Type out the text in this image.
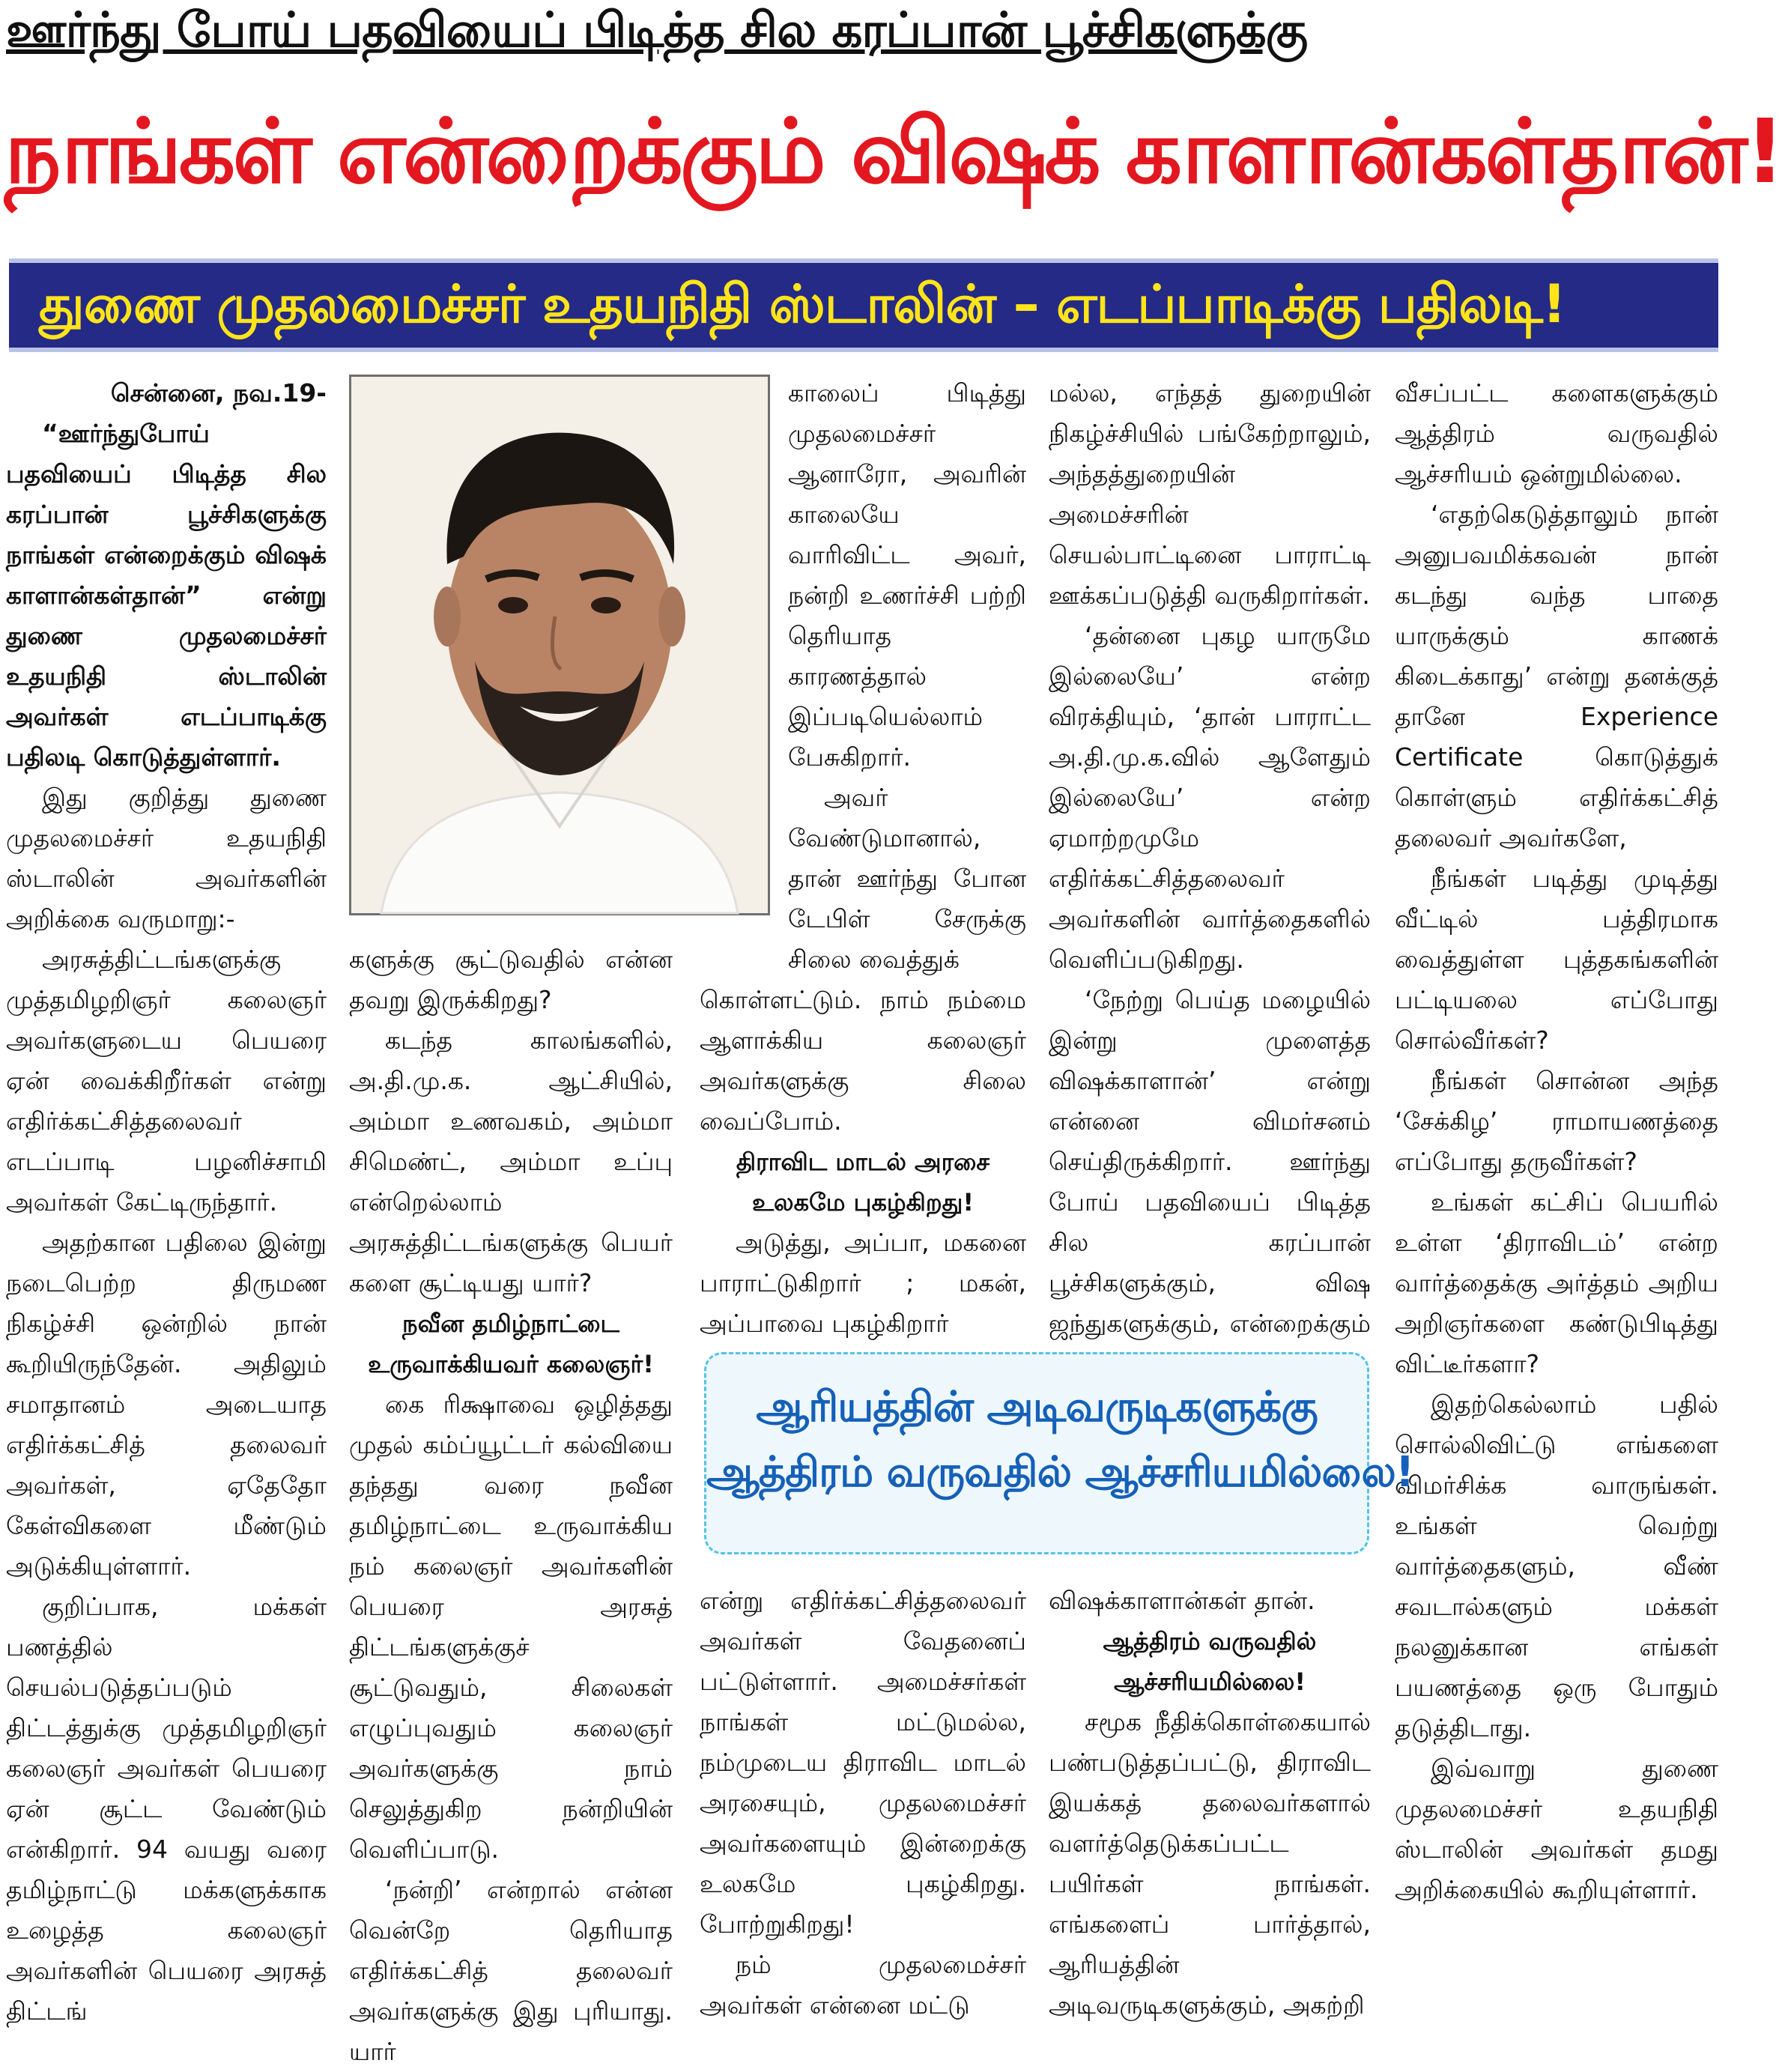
ஊர்ந்து போய் பதவியைப் பிடித்த சில கரப்பான் பூச்சிகளுக்கு
நாங்கள் என்றைக்கும் விஷக் காளான்கள்தான்!
துணை முதலமைச்சர் உதயநிதி ஸ்டாலின் – எடப்பாடிக்கு பதிலடி!

சென்னை, நவ.19-

“ஊர்ந்துபோய் பதவியைப் பிடித்த சில கரப்பான் பூச்சிகளுக்கு நாங்கள் என்றைக்கும் விஷக் காளான்கள்தான்” என்று துணை முதலமைச்சர் உதயநிதி ஸ்டாலின் அவர்கள் எடப்பாடிக்கு பதிலடி கொடுத்துள்ளார்.

இது குறித்து துணை முதலமைச்சர் உதயநிதி ஸ்டாலின் அவர்களின் அறிக்கை வருமாறு:-

அரசுத்திட்டங்களுக்கு முத்தமிழறிஞர் கலைஞர் அவர்களுடைய பெயரை ஏன் வைக்கிறீர்கள் என்று எதிர்க்கட்சித்தலைவர் எடப்பாடி பழனிச்சாமி அவர்கள் கேட்டிருந்தார்.

அதற்கான பதிலை இன்று நடைபெற்ற திருமண நிகழ்ச்சி ஒன்றில் நான் கூறியிருந்தேன். அதிலும் சமாதானம் அடையாத எதிர்க்கட்சித் தலைவர் அவர்கள், ஏதேதோ கேள்விகளை மீண்டும் அடுக்கியுள்ளார்.

குறிப்பாக, மக்கள் பணத்தில் செயல்படுத்தப்படும் திட்டத்துக்கு முத்தமிழறிஞர் கலைஞர் அவர்கள் பெயரை ஏன் சூட்ட வேண்டும் என்கிறார். 94 வயது வரை தமிழ்நாட்டு மக்களுக்காக உழைத்த கலைஞர் அவர்களின் பெயரை அரசுத் திட்டங்

களுக்கு சூட்டுவதில் என்ன தவறு இருக்கிறது?

கடந்த காலங்களில், அ.தி.மு.க. ஆட்சியில், அம்மா உணவகம், அம்மா சிமெண்ட், அம்மா உப்பு என்றெல்லாம் அரசுத்திட்டங்களுக்கு பெயர் களை சூட்டியது யார்?

நவீன தமிழ்நாட்டை உருவாக்கியவர் கலைஞர்!

கை ரிக்ஷாவை ஒழித்தது முதல் கம்ப்யூட்டர் கல்வியை தந்தது வரை நவீன தமிழ்நாட்டை உருவாக்கிய நம் கலைஞர் அவர்களின் பெயரை அரசுத் திட்டங்களுக்குச் சூட்டுவதும், சிலைகள் எழுப்புவதும் கலைஞர் அவர்களுக்கு நாம் செலுத்துகிற நன்றியின் வெளிப்பாடு.

‘நன்றி’ என்றால் என்ன வென்றே தெரியாத எதிர்க்கட்சித் தலைவர் அவர்களுக்கு இது புரியாது. யார்

காலைப் பிடித்து முதலமைச்சர் ஆனாரோ, அவரின் காலையே வாரிவிட்ட அவர், நன்றி உணர்ச்சி பற்றி தெரியாத காரணத்தால் இப்படியெல்லாம் பேசுகிறார்.

அவர் வேண்டுமானால், தான் ஊர்ந்து போன டேபிள் சேருக்கு சிலை வைத்துக்

கொள்ளட்டும். நாம் நம்மை ஆளாக்கிய கலைஞர் அவர்களுக்கு சிலை வைப்போம்.

திராவிட மாடல் அரசை உலகமே புகழ்கிறது!

அடுத்து, அப்பா, மகனை பாராட்டுகிறார் ; மகன், அப்பாவை புகழ்கிறார்

என்று எதிர்க்கட்சித்தலைவர் அவர்கள் வேதனைப் பட்டுள்ளார். அமைச்சர்கள் நாங்கள் மட்டுமல்ல, நம்முடைய திராவிட மாடல் அரசையும், முதலமைச்சர் அவர்களையும் இன்றைக்கு உலகமே புகழ்கிறது. போற்றுகிறது!

நம் முதலமைச்சர் அவர்கள் என்னை மட்டு

மல்ல, எந்தத் துறையின் நிகழ்ச்சியில் பங்கேற்றாலும், அந்தத்துறையின் அமைச்சரின் செயல்பாட்டினை பாராட்டி ஊக்கப்படுத்தி வருகிறார்கள்.

‘தன்னை புகழ யாருமே இல்லையே’ என்ற விரக்தியும், ‘தான் பாராட்ட அ.தி.மு.க.வில் ஆளேதும் இல்லையே’ என்ற ஏமாற்றமுமே எதிர்க்கட்சித்தலைவர் அவர்களின் வார்த்தைகளில் வெளிப்படுகிறது.

‘நேற்று பெய்த மழையில் இன்று முளைத்த விஷக்காளான்’ என்று என்னை விமர்சனம் செய்திருக்கிறார். ஊர்ந்து போய் பதவியைப் பிடித்த சில கரப்பான் பூச்சிகளுக்கும், விஷ ஜந்துகளுக்கும், என்றைக்கும்

விஷக்காளான்கள் தான்.

ஆத்திரம் வருவதில் ஆச்சரியமில்லை!

சமூக நீதிக்கொள்கையால் பண்படுத்தப்பட்டு, திராவிட இயக்கத் தலைவர்களால் வளர்த்தெடுக்கப்பட்ட பயிர்கள் நாங்கள். எங்களைப் பார்த்தால், ஆரியத்தின் அடிவருடிகளுக்கும், அகற்றி

வீசப்பட்ட களைகளுக்கும் ஆத்திரம் வருவதில் ஆச்சரியம் ஒன்றுமில்லை.

‘எதற்கெடுத்தாலும் நான் அனுபவமிக்கவன் நான் கடந்து வந்த பாதை யாருக்கும் காணக் கிடைக்காது’ என்று தனக்குத் தானே Experience Certificate கொடுத்துக் கொள்ளும் எதிர்க்கட்சித் தலைவர் அவர்களே,

நீங்கள் படித்து முடித்து வீட்டில் பத்திரமாக வைத்துள்ள புத்தகங்களின் பட்டியலை எப்போது சொல்வீர்கள்?

நீங்கள் சொன்ன அந்த ‘சேக்கிழ’ ராமாயணத்தை எப்போது தருவீர்கள்?

உங்கள் கட்சிப் பெயரில் உள்ள ‘திராவிடம்’ என்ற வார்த்தைக்கு அர்த்தம் அறிய அறிஞர்களை கண்டுபிடித்து விட்டீர்களா?

இதற்கெல்லாம் பதில் சொல்லிவிட்டு எங்களை விமர்சிக்க வாருங்கள். உங்கள் வெற்று வார்த்தைகளும், வீண் சவடால்களும் மக்கள் நலனுக்கான எங்கள் பயணத்தை ஒரு போதும் தடுத்திடாது.

இவ்வாறு துணை முதலமைச்சர் உதயநிதி ஸ்டாலின் அவர்கள் தமது அறிக்கையில் கூறியுள்ளார்.

ஆரியத்தின் அடிவருடிகளுக்கு
ஆத்திரம் வருவதில் ஆச்சரியமில்லை!
